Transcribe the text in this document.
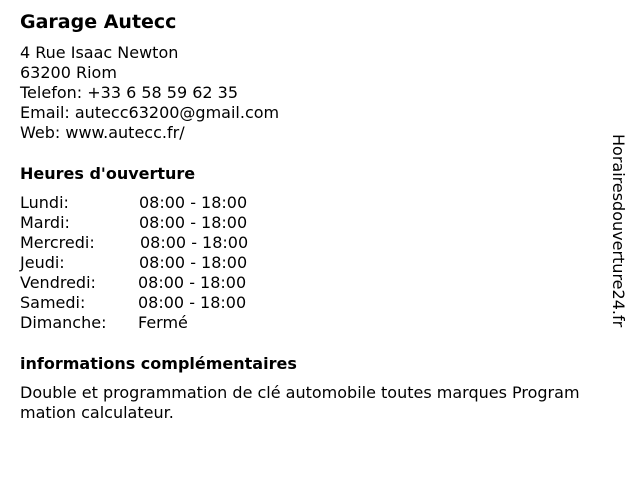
Garage Autecc
4 Rue Isaac Newton
63200 Riom
Telefon: +33 6 58 59 62 35
Email: autecc63200@gmail.com
Web: www.autecc.fr/
Heures d'ouverture
Lundi:	08:00 - 18:00
Mardi:	08:00 - 18:00
Mercredi:	08:00 - 18:00
Jeudi:	08:00 - 18:00
Vendredi:	08:00 - 18:00
Samedi:	08:00 - 18:00
Dimanche: Fermé
informations complémentaires
Double et programmation de clé automobile toutes marques Program
mation calculateur.
Horairesdouverture24.fr
